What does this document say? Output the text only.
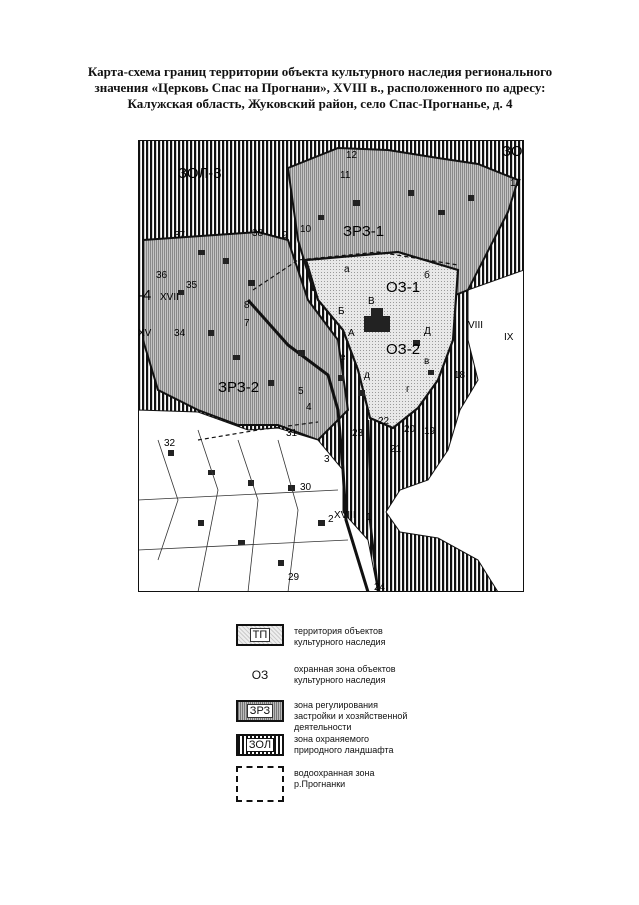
Карта-схема границ территории объекта культурного наследия регионального
значения «Церковь Спас на Прогнани», XVIII в., расположенного по адресу:
Калужская область, Жуковский район, село Спас-Прогнанье, д. 4
ЗОЛ-3
ЗРЗ-1
ЗРЗ-2
ОЗ-1
ОЗ-2
ЗО
-4
VIII
IX
XVIII
XVII
XV
а
б
В
Б
Д
А
е	в
д
г
1
2
3
4
5
7
8
9
10
11
12
17
18
19
20
21
22
23
24
29
30
31
32
34
35
36
37	38
ТП	территория объектов
культурного наследия
ОЗ	охранная зона объектов
культурного наследия
ЗРЗ	зона регулирования
застройки и хозяйственной
деятельности
ЗОЛ	зона охраняемого
природного ландшафта
водоохранная зона
р.Прогнанки
